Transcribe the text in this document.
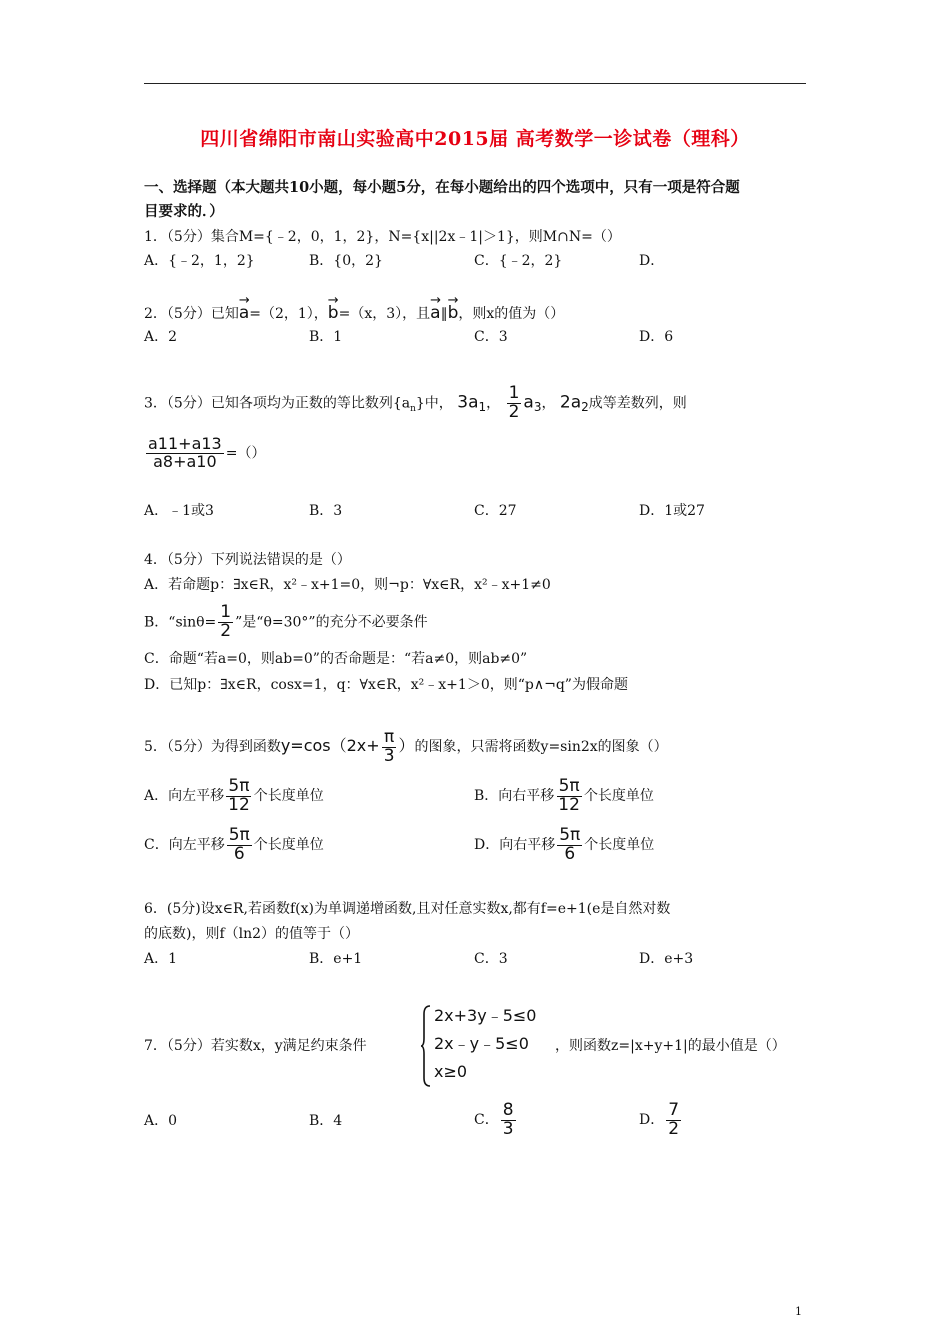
四川省绵阳市南山实验高中2015届 高考数学一诊试卷（理科）
一、选择题（本大题共10小题，每小题5分，在每小题给出的四个选项中，只有一项是符合题
目要求的．）
1．（5分）集合M={﹣2，0，1，2}，N={x||2x﹣1|＞1}，则M∩N=（）
A．{﹣2，1，2}	B．{0，2}	C．{﹣2，2}	D．
2．（5分）已知→ a=（2，1），→ b=（x，3），且→ a∥→ b，则x的值为（）
A．2	B．1	C．3	D．6
3．（5分）已知各项均为正数的等比数列$\{a_n\}$中， $3a_1$， $\frac{1}{2} a_3$， $2a_2$成等差数列，则
$\frac{a11+a13}{a8+a10}$ =（）
A．﹣1或3	B．3	C．27	D．1或27
4．（5分）下列说法错误的是（）
A．若命题p：∃x∈R，x²﹣x+1=0，则¬p：∀x∈R，x²﹣x+1≠0
B．“$\sin\theta= \frac{1}{2}$ ”是“θ=30°”的充分不必要条件
C．命题“若a=0，则ab=0”的否命题是：“若a≠0，则ab≠0”
D．已知p：∃x∈R，cosx=1，q：∀x∈R，x²﹣x+1＞0，则“p∧¬q”为假命题
5．（5分）为得到函数$y=\cos(2x+ \frac{\pi}{3}$ ）的图象，只需将函数y=sin2x的图象（）
A．向左平移 $\frac{5\pi}{12}$ 个长度单位	B．向右平移 $\frac{5\pi}{12}$ 个长度单位
C．向左平移 $\frac{5\pi}{6}$ 个长度单位	D．向右平移 $\frac{5\pi}{6}$ 个长度单位
6．(5分)设x∈R,若函数f(x)为单调递增函数,且对任意实数x,都有f=e+1(e是自然对数
的底数)，则f（ln2）的值等于（）
A．1	B．e+1	C．3	D．e+3
7．（5分）若实数x，y满足约束条件
2x+3y﹣5≤0
2x﹣y﹣5≤0
x≥0
，则函数z=|x+y+1|的最小值是（）
A．0	B．4	C． $\frac{8}{3}$	D． $\frac{7}{2}$
1
